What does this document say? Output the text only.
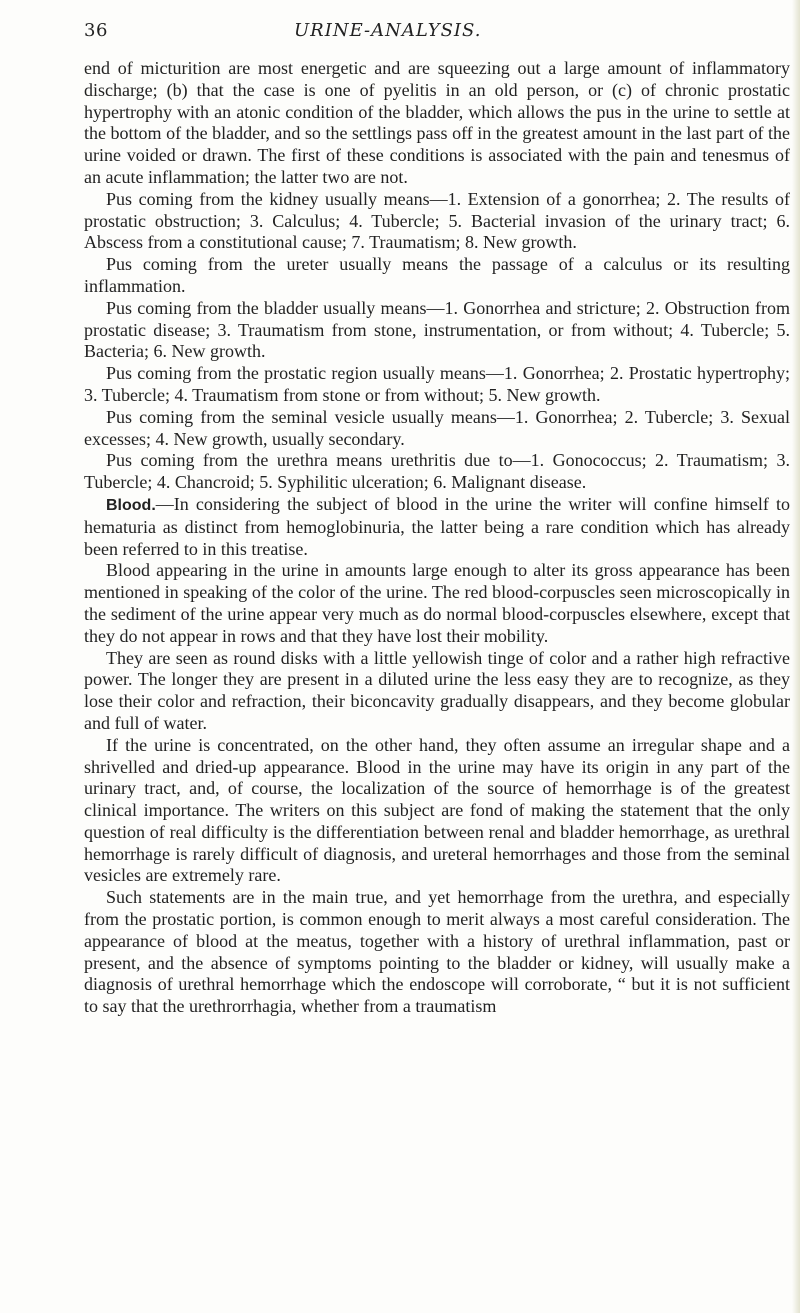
36	URINE-ANALYSIS.

end of micturition are most energetic and are squeezing out a large amount of inflammatory discharge; (b) that the case is one of pyelitis in an old person, or (c) of chronic prostatic hypertrophy with an atonic condition of the bladder, which allows the pus in the urine to settle at the bottom of the bladder, and so the settlings pass off in the greatest amount in the last part of the urine voided or drawn. The first of these conditions is associated with the pain and tenesmus of an acute inflammation; the latter two are not.

Pus coming from the kidney usually means—1. Extension of a gonorrhea; 2. The results of prostatic obstruction; 3. Calculus; 4. Tubercle; 5. Bacterial invasion of the urinary tract; 6. Abscess from a constitutional cause; 7. Traumatism; 8. New growth.

Pus coming from the ureter usually means the passage of a calculus or its resulting inflammation.

Pus coming from the bladder usually means—1. Gonorrhea and stricture; 2. Obstruction from prostatic disease; 3. Traumatism from stone, instrumentation, or from without; 4. Tubercle; 5. Bacteria; 6. New growth.

Pus coming from the prostatic region usually means—1. Gonorrhea; 2. Prostatic hypertrophy; 3. Tubercle; 4. Traumatism from stone or from without; 5. New growth.

Pus coming from the seminal vesicle usually means—1. Gonorrhea; 2. Tubercle; 3. Sexual excesses; 4. New growth, usually secondary.

Pus coming from the urethra means urethritis due to—1. Gonococcus; 2. Traumatism; 3. Tubercle; 4. Chancroid; 5. Syphilitic ulceration; 6. Malignant disease.

Blood.—In considering the subject of blood in the urine the writer will confine himself to hematuria as distinct from hemoglobinuria, the latter being a rare condition which has already been referred to in this treatise.

Blood appearing in the urine in amounts large enough to alter its gross appearance has been mentioned in speaking of the color of the urine. The red blood-corpuscles seen microscopically in the sediment of the urine appear very much as do normal blood-corpuscles elsewhere, except that they do not appear in rows and that they have lost their mobility.

They are seen as round disks with a little yellowish tinge of color and a rather high refractive power. The longer they are present in a diluted urine the less easy they are to recognize, as they lose their color and refraction, their biconcavity gradually disappears, and they become globular and full of water.

If the urine is concentrated, on the other hand, they often assume an irregular shape and a shrivelled and dried-up appearance. Blood in the urine may have its origin in any part of the urinary tract, and, of course, the localization of the source of hemorrhage is of the greatest clinical importance. The writers on this subject are fond of making the statement that the only question of real difficulty is the differentiation between renal and bladder hemorrhage, as urethral hemorrhage is rarely difficult of diagnosis, and ureteral hemorrhages and those from the seminal vesicles are extremely rare.

Such statements are in the main true, and yet hemorrhage from the urethra, and especially from the prostatic portion, is common enough to merit always a most careful consideration. The appearance of blood at the meatus, together with a history of urethral inflammation, past or present, and the absence of symptoms pointing to the bladder or kidney, will usually make a diagnosis of urethral hemorrhage which the endoscope will corroborate, “ but it is not sufficient to say that the urethrorrhagia, whether from a traumatism
